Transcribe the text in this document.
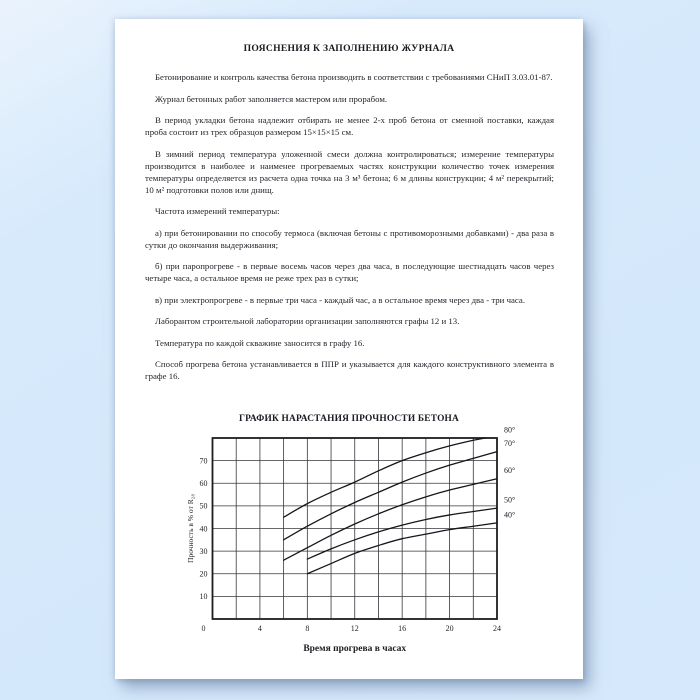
ПОЯСНЕНИЯ К ЗАПОЛНЕНИЮ ЖУРНАЛА

Бетонирование и контроль качества бетона производить в соответствии с требованиями СНиП 3.03.01-87.

Журнал бетонных работ заполняется мастером или прорабом.

В период укладки бетона надлежит отбирать не менее 2-х проб бетона от сменной поставки, каждая проба состоит из трех образцов размером 15×15×15 см.

В зимний период температура уложенной смеси должна контролироваться; измерение температуры производится в наиболее и наименее прогреваемых частях конструкции количество точек измерения температуры определяется из расчета одна точка на 3 м³ бетона; 6 м длины конструкции; 4 м² перекрытий; 10 м² подготовки полов или днищ.

Частота измерений температуры:

а) при бетонировании по способу термоса (включая бетоны с противоморозными добавками) - два раза в сутки до окончания выдерживания;

б) при паропрогреве - в первые восемь часов через два часа, в последующие шестнадцать часов через четыре часа, а остальное время не реже трех раз в сутки;

в) при электропрогреве - в первые три часа - каждый час, а в остальное время через два - три часа.

Лаборантом строительной лаборатории организации заполняются графы 12 и 13.

Температура по каждой скважине заносится в графу 16.

Способ прогрева бетона устанавливается в ППР и указывается для каждого конструктивного элемента в графе 16.

ГРАФИК НАРАСТАНИЯ ПРОЧНОСТИ БЕТОНА

0	4	8	12	16	20	24
10
20
30
40
50
60
70
80°
70°
60°
50°
40°
Время прогрева в часах
Прочность в % от R₂₈
